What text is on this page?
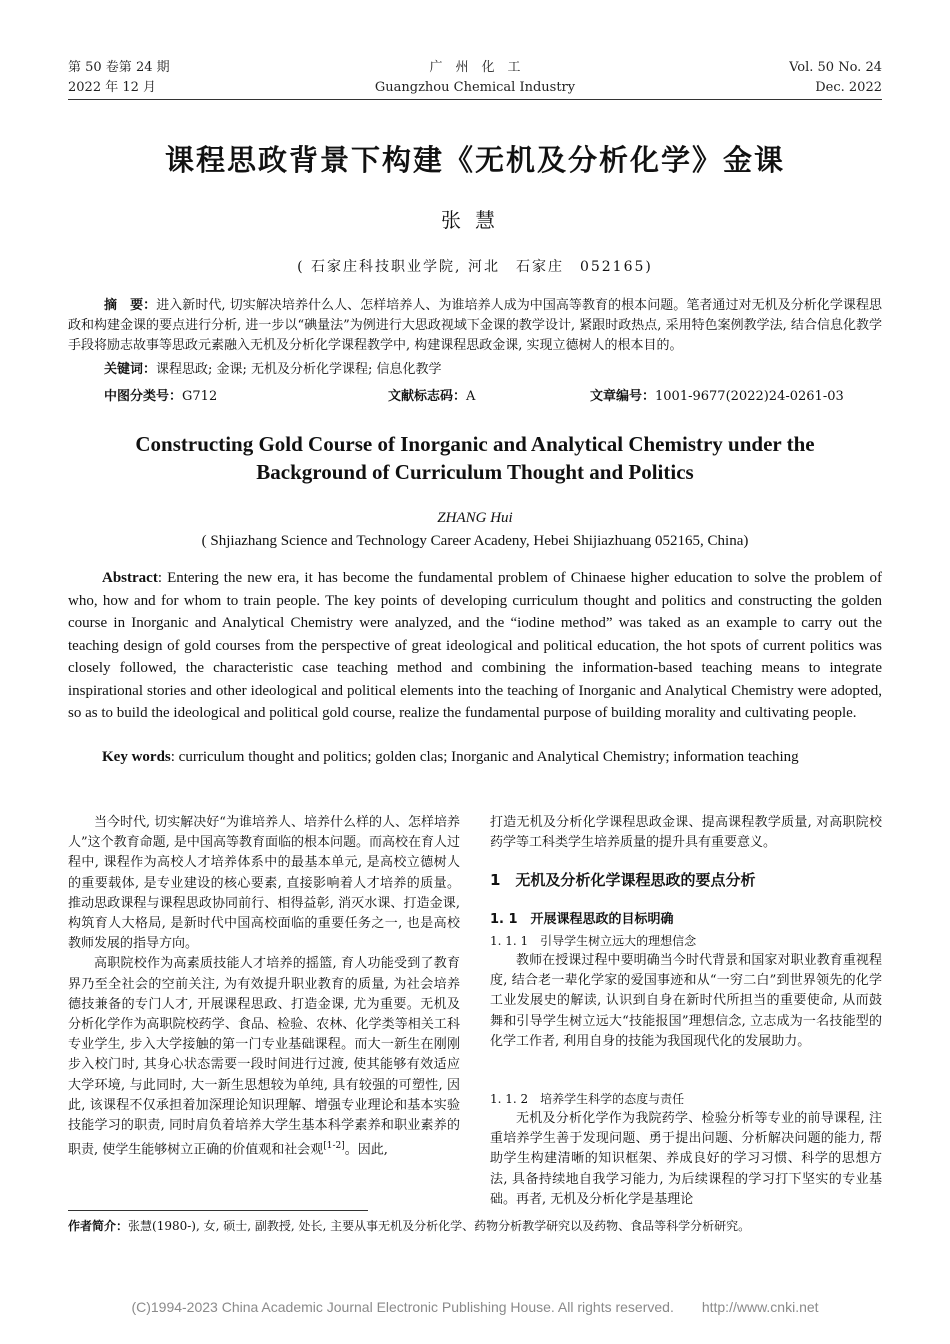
第 50 卷第 24 期
2022 年 12 月
广　州　化　工
Guangzhou Chemical Industry
Vol. 50 No. 24
Dec. 2022
课程思政背景下构建《无机及分析化学》金课
张慧
( 石家庄科技职业学院, 河北　石家庄　052165)
摘　要：进入新时代, 切实解决培养什么人、怎样培养人、为谁培养人成为中国高等教育的根本问题。笔者通过对无机及分析化学课程思政和构建金课的要点进行分析, 进一步以“碘量法”为例进行大思政视域下金课的教学设计, 紧跟时政热点, 采用特色案例教学法, 结合信息化教学手段将励志故事等思政元素融入无机及分析化学课程教学中, 构建课程思政金课, 实现立德树人的根本目的。
关键词：课程思政; 金课; 无机及分析化学课程; 信息化教学
中图分类号：G712	文献标志码：A	文章编号：1001-9677(2022)24-0261-03
Constructing Gold Course of Inorganic and Analytical Chemistry under the
Background of Curriculum Thought and Politics
ZHANG Hui
( Shjiazhang Science and Technology Career Acadeny, Hebei Shijiazhuang 052165, China)
Abstract: Entering the new era, it has become the fundamental problem of Chinaese higher education to solve the problem of who, how and for whom to train people. The key points of developing curriculum thought and politics and constructing the golden course in Inorganic and Analytical Chemistry were analyzed, and the “iodine method” was taked as an example to carry out the teaching design of gold courses from the perspective of great ideological and political education, the hot spots of current politics was closely followed, the characteristic case teaching method and combining the information-based teaching means to integrate inspirational stories and other ideological and political elements into the teaching of Inorganic and Analytical Chemistry were adopted, so as to build the ideological and political gold course, realize the fundamental purpose of building morality and cultivating people.
Key words: curriculum thought and politics; golden clas; Inorganic and Analytical Chemistry; information teaching

当今时代, 切实解决好“为谁培养人、培养什么样的人、怎样培养人”这个教育命题, 是中国高等教育面临的根本问题。而高校在育人过程中, 课程作为高校人才培养体系中的最基本单元, 是高校立德树人的重要载体, 是专业建设的核心要素, 直接影响着人才培养的质量。推动思政课程与课程思政协同前行、相得益彰, 消灭水课、打造金课, 构筑育人大格局, 是新时代中国高校面临的重要任务之一, 也是高校教师发展的指导方向。

高职院校作为高素质技能人才培养的摇篮, 育人功能受到了教育界乃至全社会的空前关注, 为有效提升职业教育的质量, 为社会培养德技兼备的专门人才, 开展课程思政、打造金课, 尤为重要。无机及分析化学作为高职院校药学、食品、检验、农林、化学类等相关工科专业学生, 步入大学接触的第一门专业基础课程。而大一新生在刚刚步入校门时, 其身心状态需要一段时间进行过渡, 使其能够有效适应大学环境, 与此同时, 大一新生思想较为单纯, 具有较强的可塑性, 因此, 该课程不仅承担着加深理论知识理解、增强专业理论和基本实验技能学习的职责, 同时肩负着培养大学生基本科学素养和职业素养的职责, 使学生能够树立正确的价值观和社会观[1-2]。因此,

打造无机及分析化学课程思政金课、提高课程教学质量, 对高职院校药学等工科类学生培养质量的提升具有重要意义。

1　无机及分析化学课程思政的要点分析
1. 1　开展课程思政的目标明确
1. 1. 1　引导学生树立远大的理想信念

教师在授课过程中要明确当今时代背景和国家对职业教育重视程度, 结合老一辈化学家的爱国事迹和从“一穷二白”到世界领先的化学工业发展史的解读, 认识到自身在新时代所担当的重要使命, 从而鼓舞和引导学生树立远大“技能报国”理想信念, 立志成为一名技能型的化学工作者, 利用自身的技能为我国现代化的发展助力。

1. 1. 2　培养学生科学的态度与责任

无机及分析化学作为我院药学、检验分析等专业的前导课程, 注重培养学生善于发现问题、勇于提出问题、分析解决问题的能力, 帮助学生构建清晰的知识框架、养成良好的学习习惯、科学的思想方法, 具备持续地自我学习能力, 为后续课程的学习打下坚实的专业基础。再者, 无机及分析化学是基理论

作者简介：张慧(1980-), 女, 硕士, 副教授, 处长, 主要从事无机及分析化学、药物分析教学研究以及药物、食品等科学分析研究。
(C)1994-2023 China Academic Journal Electronic Publishing House. All rights reserved.　　http://www.cnki.net
